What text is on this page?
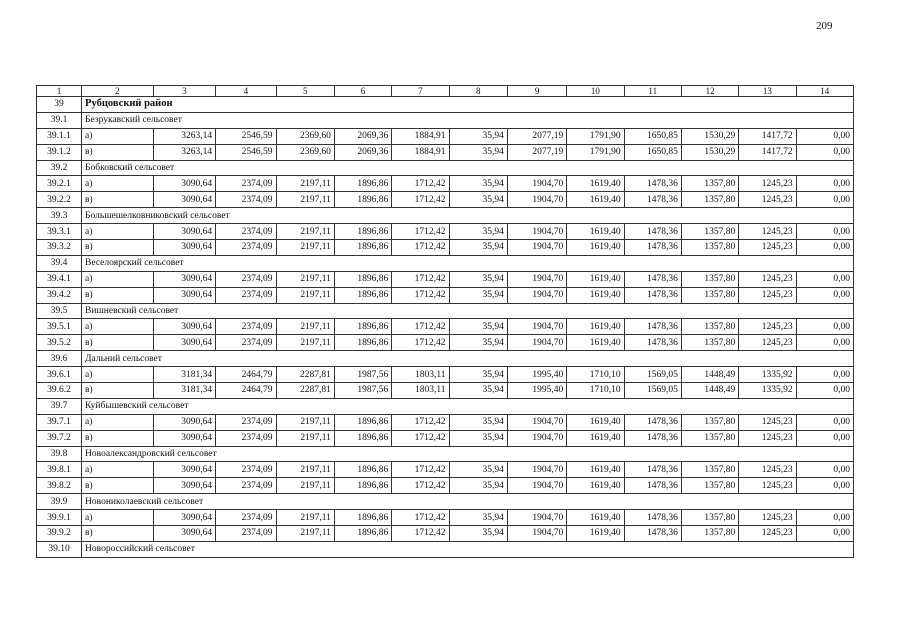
209
1	2	3	4	5	6	7	8	9	10	11	12	13	14
39	Рубцовский район												
39.1	Безрукавский сельсовет												
39.1.1	а)	3263,14	2546,59	2369,60	2069,36	1884,91	35,94	2077,19	1791,90	1650,85	1530,29	1417,72	0,00
39.1.2	в)	3263,14	2546,59	2369,60	2069,36	1884,91	35,94	2077,19	1791,90	1650,85	1530,29	1417,72	0,00
39.2	Бобковский сельсовет												
39.2.1	а)	3090,64	2374,09	2197,11	1896,86	1712,42	35,94	1904,70	1619,40	1478,36	1357,80	1245,23	0,00
39.2.2	в)	3090,64	2374,09	2197,11	1896,86	1712,42	35,94	1904,70	1619,40	1478,36	1357,80	1245,23	0,00
39.3	Большешелковниковский сельсовет												
39.3.1	а)	3090,64	2374,09	2197,11	1896,86	1712,42	35,94	1904,70	1619,40	1478,36	1357,80	1245,23	0,00
39.3.2	в)	3090,64	2374,09	2197,11	1896,86	1712,42	35,94	1904,70	1619,40	1478,36	1357,80	1245,23	0,00
39.4	Веселоярский сельсовет												
39.4.1	а)	3090,64	2374,09	2197,11	1896,86	1712,42	35,94	1904,70	1619,40	1478,36	1357,80	1245,23	0,00
39.4.2	в)	3090,64	2374,09	2197,11	1896,86	1712,42	35,94	1904,70	1619,40	1478,36	1357,80	1245,23	0,00
39.5	Вишневский сельсовет												
39.5.1	а)	3090,64	2374,09	2197,11	1896,86	1712,42	35,94	1904,70	1619,40	1478,36	1357,80	1245,23	0,00
39.5.2	в)	3090,64	2374,09	2197,11	1896,86	1712,42	35,94	1904,70	1619,40	1478,36	1357,80	1245,23	0,00
39.6	Дальний сельсовет												
39.6.1	а)	3181,34	2464,79	2287,81	1987,56	1803,11	35,94	1995,40	1710,10	1569,05	1448,49	1335,92	0,00
39.6.2	в)	3181,34	2464,79	2287,81	1987,56	1803,11	35,94	1995,40	1710,10	1569,05	1448,49	1335,92	0,00
39.7	Куйбышевский сельсовет												
39.7.1	а)	3090,64	2374,09	2197,11	1896,86	1712,42	35,94	1904,70	1619,40	1478,36	1357,80	1245,23	0,00
39.7.2	в)	3090,64	2374,09	2197,11	1896,86	1712,42	35,94	1904,70	1619,40	1478,36	1357,80	1245,23	0,00
39.8	Новоалександровский сельсовет												
39.8.1	а)	3090,64	2374,09	2197,11	1896,86	1712,42	35,94	1904,70	1619,40	1478,36	1357,80	1245,23	0,00
39.8.2	в)	3090,64	2374,09	2197,11	1896,86	1712,42	35,94	1904,70	1619,40	1478,36	1357,80	1245,23	0,00
39.9	Новониколаевский сельсовет												
39.9.1	а)	3090,64	2374,09	2197,11	1896,86	1712,42	35,94	1904,70	1619,40	1478,36	1357,80	1245,23	0,00
39.9.2	в)	3090,64	2374,09	2197,11	1896,86	1712,42	35,94	1904,70	1619,40	1478,36	1357,80	1245,23	0,00
39.10	Новороссийский сельсовет												
